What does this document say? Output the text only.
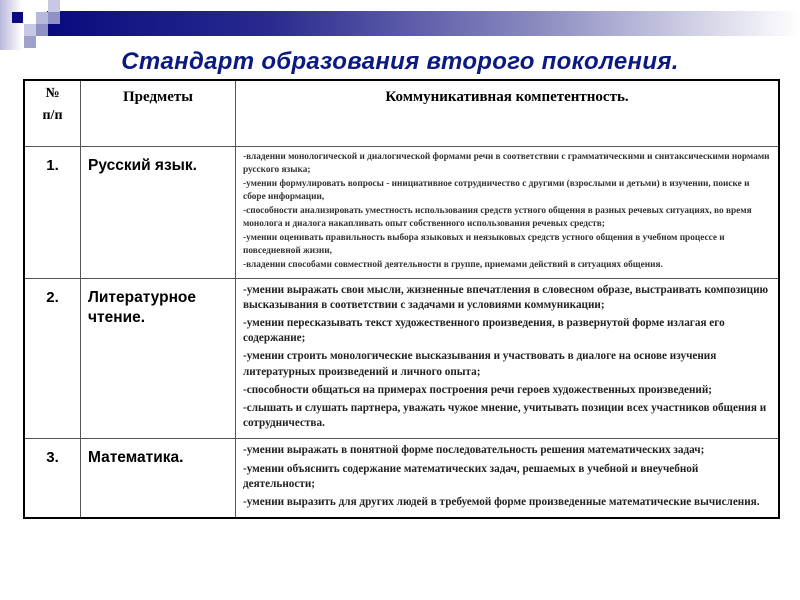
Стандарт образования второго поколения.
№
п/п	Предметы	Коммуникативная компетентность.
1.	Русский язык.	-владении монологической и диалогической формами речи в соответствии с грамматическими и синтаксическими нормами русского языка;
-умении формулировать вопросы - инициативное сотрудничество с другими (взрослыми и детьми) в изучении, поиске и сборе информации,
-способности анализировать уместность использования средств устного общения в разных речевых ситуациях, во время монолога и диалога накапливать опыт собственного использования речевых средств;
-умении оценивать правильность выбора языковых и неязыковых средств устного общения в учебном процессе и повседневной жизни,
-владении способами совместной деятельности в группе, приемами действий в ситуациях общения.

2.	Литературное чтение.	-умении выражать свои мысли, жизненные впечатления в словесном образе, выстраивать композицию высказывания в соответствии с задачами и условиями коммуникации;
-умении пересказывать текст художественного произведения, в развернутой форме излагая его содержание;
-умении строить монологические высказывания и участвовать в диалоге на основе изучения литературных произведений и личного опыта;
-способности общаться на примерах построения речи героев художественных произведений;
-слышать и слушать партнера, уважать чужое мнение, учитывать позиции всех участников общения и сотрудничества.

3.	Математика.	-умении выражать в понятной форме последовательность решения математических задач;
-умении объяснить содержание математических задач, решаемых в учебной и внеучебной деятельности;
-умении выразить для других людей в требуемой форме произведенные математические вычисления.
